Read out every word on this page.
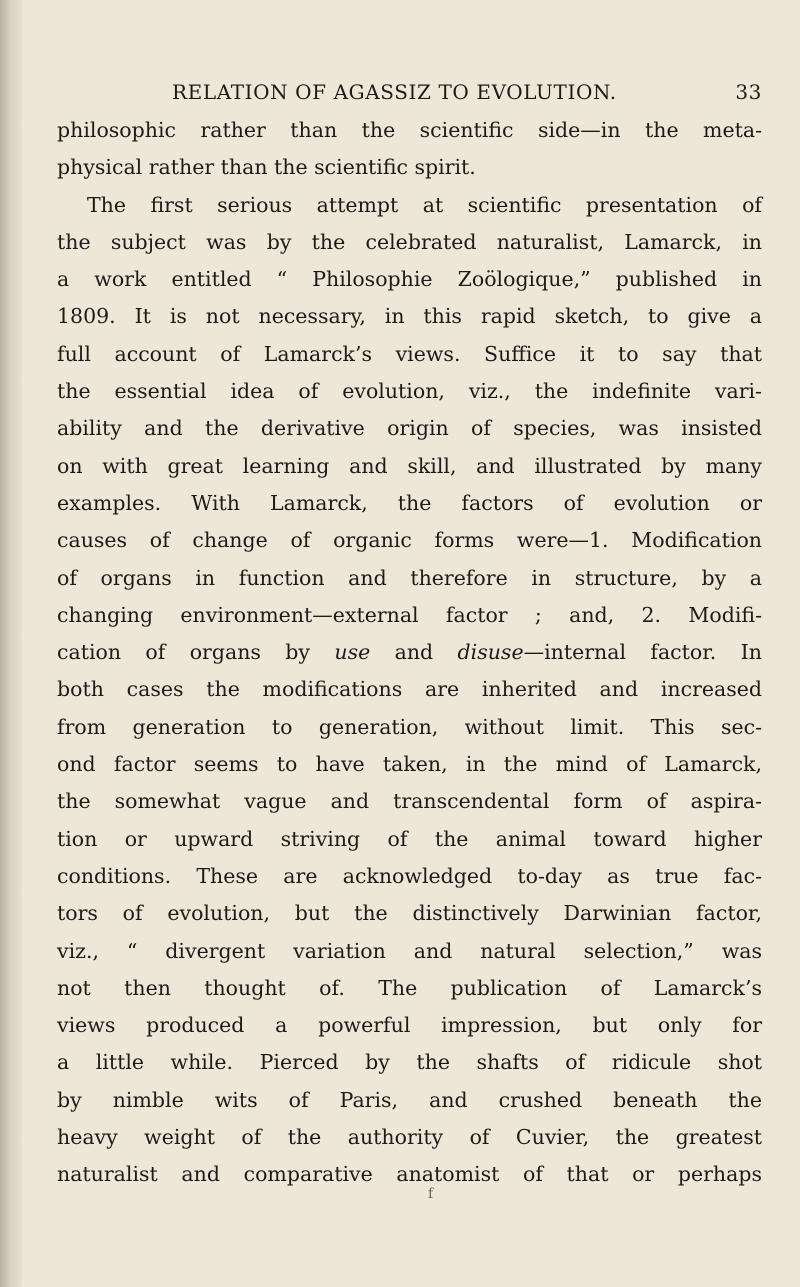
RELATION OF AGASSIZ TO EVOLUTION.	33
philosophic rather than the scientific side—in the meta-
physical rather than the scientific spirit.
The first serious attempt at scientific presentation of
the subject was by the celebrated naturalist, Lamarck, in
a work entitled “ Philosophie Zoölogique,” published in
1809. It is not necessary, in this rapid sketch, to give a
full account of Lamarck’s views. Suffice it to say that
the essential idea of evolution, viz., the indefinite vari-
ability and the derivative origin of species, was insisted
on with great learning and skill, and illustrated by many
examples. With Lamarck, the factors of evolution or
causes of change of organic forms were—1. Modification
of organs in function and therefore in structure, by a
changing environment—external factor ; and, 2. Modifi-
cation of organs by use and disuse—internal factor. In
both cases the modifications are inherited and increased
from generation to generation, without limit. This sec-
ond factor seems to have taken, in the mind of Lamarck,
the somewhat vague and transcendental form of aspira-
tion or upward striving of the animal toward higher
conditions. These are acknowledged to-day as true fac-
tors of evolution, but the distinctively Darwinian factor,
viz., “ divergent variation and natural selection,” was
not then thought of. The publication of Lamarck’s
views produced a powerful impression, but only for
a little while. Pierced by the shafts of ridicule shot
by nimble wits of Paris, and crushed beneath the
heavy weight of the authority of Cuvier, the greatest
naturalist and comparative anatomist of that or perhaps
f
